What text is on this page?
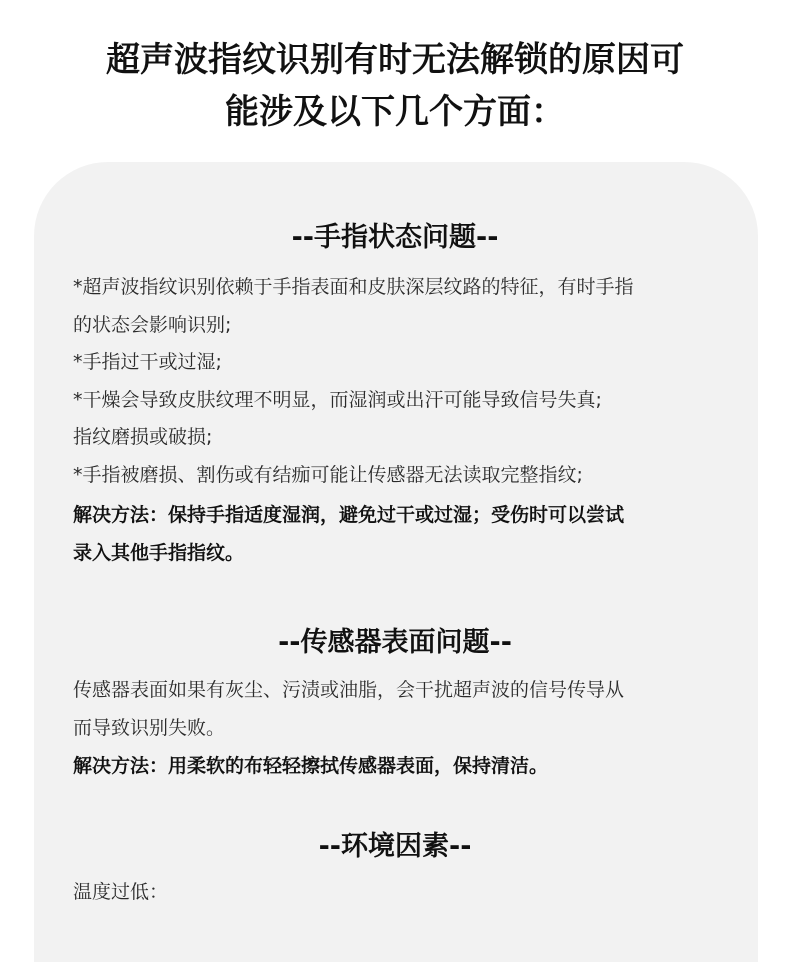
超声波指纹识别有时无法解锁的原因可
能涉及以下几个方面：
--手指状态问题--
*超声波指纹识别依赖于手指表面和皮肤深层纹路的特征，有时手指
的状态会影响识别;
*手指过干或过湿;
*干燥会导致皮肤纹理不明显，而湿润或出汗可能导致信号失真;
指纹磨损或破损;
*手指被磨损、割伤或有结痂可能让传感器无法读取完整指纹;
解决方法：保持手指适度湿润，避免过干或过湿；受伤时可以尝试
录入其他手指指纹。
--传感器表面问题--
传感器表面如果有灰尘、污渍或油脂，会干扰超声波的信号传导从
而导致识别失败。
解决方法：用柔软的布轻轻擦拭传感器表面，保持清洁。
--环境因素--
温度过低：
